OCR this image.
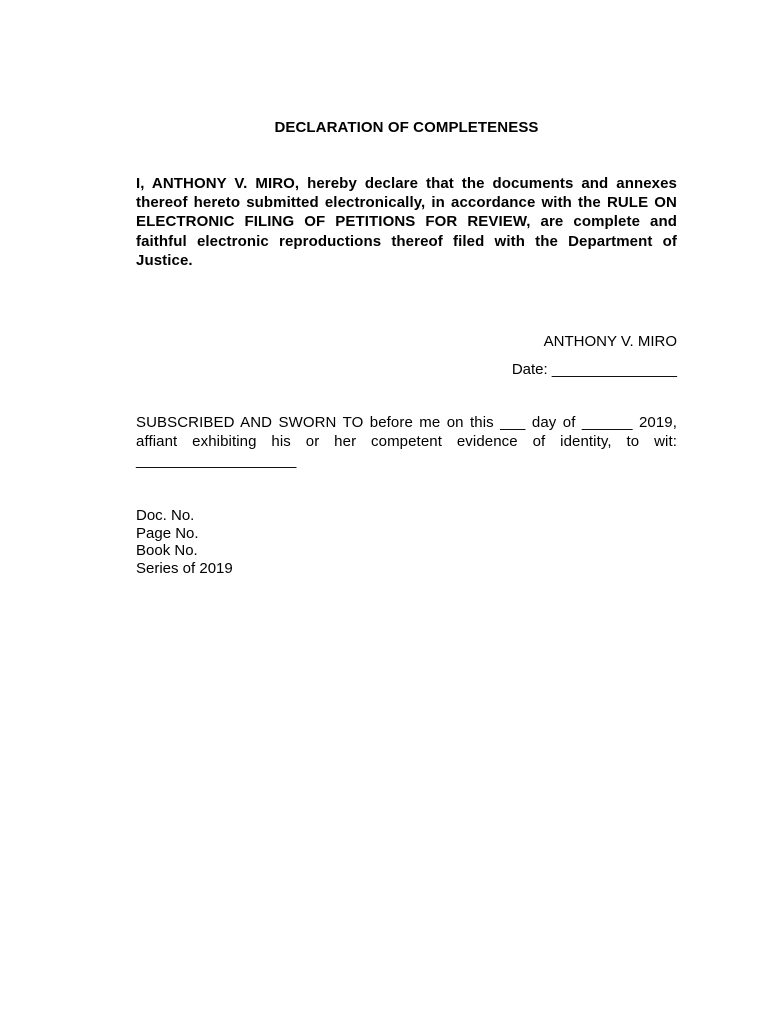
DECLARATION OF COMPLETENESS
I, ANTHONY V. MIRO, hereby declare that the documents and annexes thereof hereto submitted electronically, in accordance with the RULE ON ELECTRONIC FILING OF PETITIONS FOR REVIEW, are complete and faithful electronic reproductions thereof filed with the Department of Justice.
ANTHONY V. MIRO
Date: _______________
SUBSCRIBED AND SWORN TO before me on this ___ day of ______ 2019, affiant exhibiting his or her competent evidence of identity, to wit: ___________________
Doc. No.
Page No.
Book No.
Series of 2019
